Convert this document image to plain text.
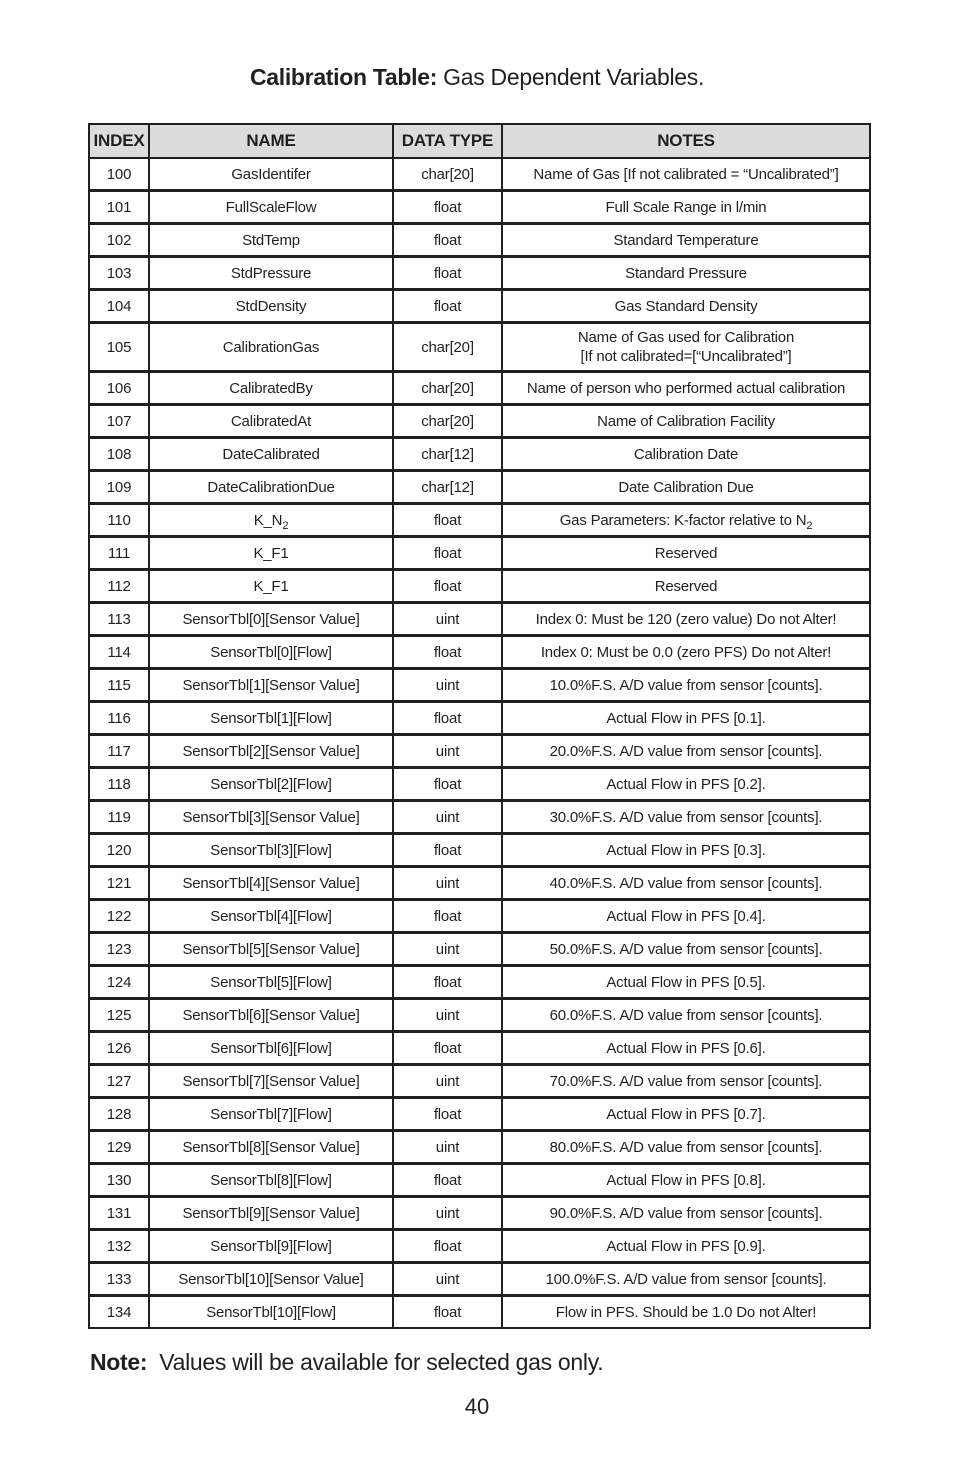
Calibration Table: Gas Dependent Variables.
INDEX	NAME	DATA TYPE	NOTES
100	GasIdentifer	char[20]	Name of Gas [If not calibrated = “Uncalibrated”]
101	FullScaleFlow	float	Full Scale Range in l/min
102	StdTemp	float	Standard Temperature
103	StdPressure	float	Standard Pressure
104	StdDensity	float	Gas Standard Density
105	CalibrationGas	char[20]	Name of Gas used for Calibration
[If not calibrated=[“Uncalibrated”]
106	CalibratedBy	char[20]	Name of person who performed actual calibration
107	CalibratedAt	char[20]	Name of Calibration Facility
108	DateCalibrated	char[12]	Calibration Date
109	DateCalibrationDue	char[12]	Date Calibration Due
110	$K\_N_2$	float	Gas Parameters: K-factor relative to $N_2$
111	K_F1	float	Reserved
112	K_F1	float	Reserved
113	SensorTbl[0][Sensor Value]	uint	Index 0: Must be 120 (zero value) Do not Alter!
114	SensorTbl[0][Flow]	float	Index 0: Must be 0.0 (zero PFS) Do not Alter!
115	SensorTbl[1][Sensor Value]	uint	10.0%F.S. A/D value from sensor [counts].
116	SensorTbl[1][Flow]	float	Actual Flow in PFS [0.1].
117	SensorTbl[2][Sensor Value]	uint	20.0%F.S. A/D value from sensor [counts].
118	SensorTbl[2][Flow]	float	Actual Flow in PFS [0.2].
119	SensorTbl[3][Sensor Value]	uint	30.0%F.S. A/D value from sensor [counts].
120	SensorTbl[3][Flow]	float	Actual Flow in PFS [0.3].
121	SensorTbl[4][Sensor Value]	uint	40.0%F.S. A/D value from sensor [counts].
122	SensorTbl[4][Flow]	float	Actual Flow in PFS [0.4].
123	SensorTbl[5][Sensor Value]	uint	50.0%F.S. A/D value from sensor [counts].
124	SensorTbl[5][Flow]	float	Actual Flow in PFS [0.5].
125	SensorTbl[6][Sensor Value]	uint	60.0%F.S. A/D value from sensor [counts].
126	SensorTbl[6][Flow]	float	Actual Flow in PFS [0.6].
127	SensorTbl[7][Sensor Value]	uint	70.0%F.S. A/D value from sensor [counts].
128	SensorTbl[7][Flow]	float	Actual Flow in PFS [0.7].
129	SensorTbl[8][Sensor Value]	uint	80.0%F.S. A/D value from sensor [counts].
130	SensorTbl[8][Flow]	float	Actual Flow in PFS [0.8].
131	SensorTbl[9][Sensor Value]	uint	90.0%F.S. A/D value from sensor [counts].
132	SensorTbl[9][Flow]	float	Actual Flow in PFS [0.9].
133	SensorTbl[10][Sensor Value]	uint	100.0%F.S. A/D value from sensor [counts].
134	SensorTbl[10][Flow]	float	Flow in PFS. Should be 1.0 Do not Alter!
Note: Values will be available for selected gas only.
40
